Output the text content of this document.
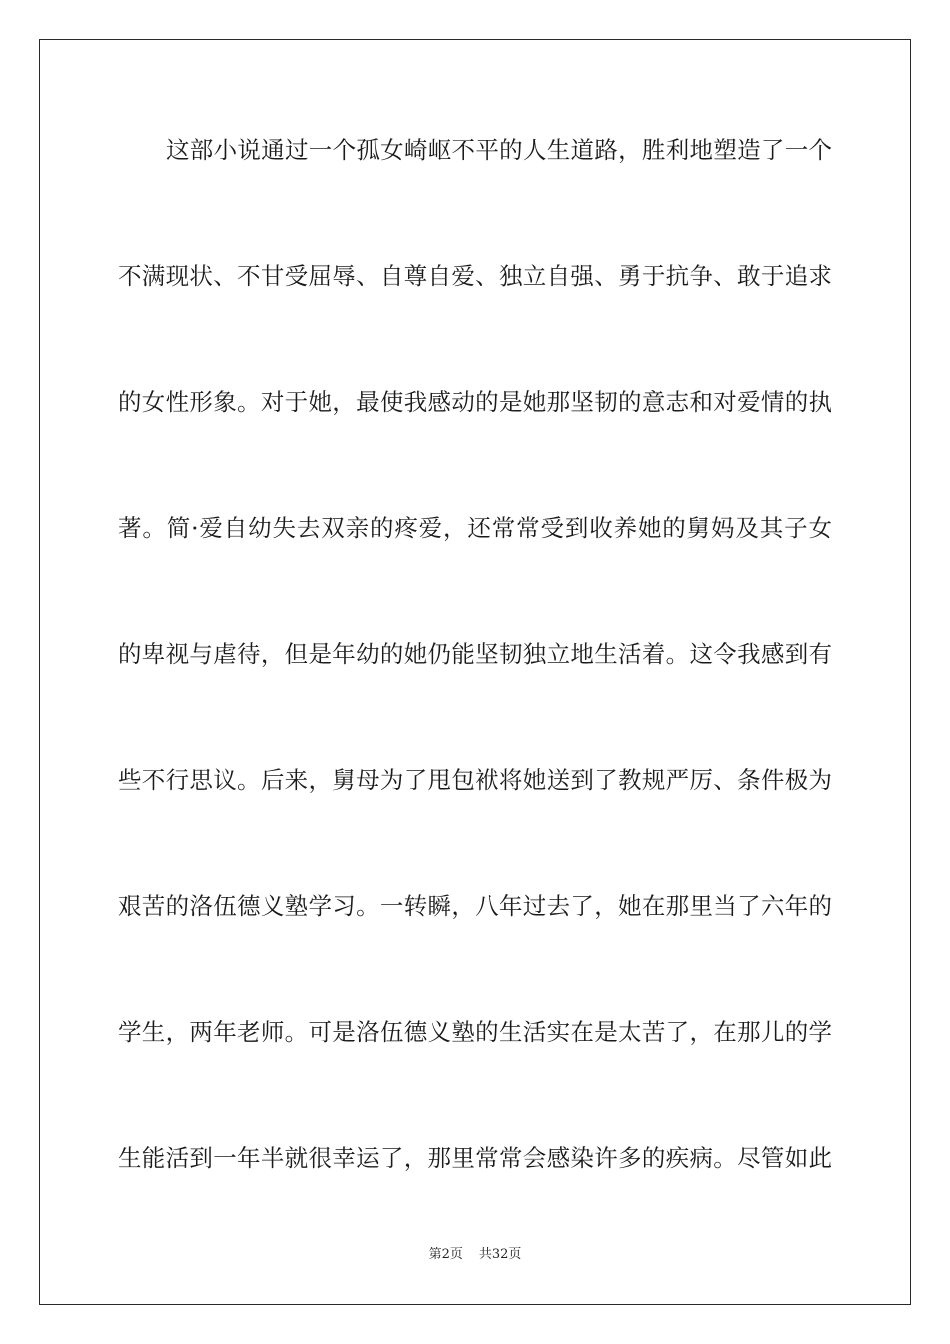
这部小说通过一个孤女崎岖不平的人生道路，胜利地塑造了一个
不满现状、不甘受屈辱、自尊自爱、独立自强、勇于抗争、敢于追求
的女性形象。对于她，最使我感动的是她那坚韧的意志和对爱情的执
著。简·爱自幼失去双亲的疼爱，还常常受到收养她的舅妈及其子女
的卑视与虐待，但是年幼的她仍能坚韧独立地生活着。这令我感到有
些不行思议。后来，舅母为了甩包袱将她送到了教规严厉、条件极为
艰苦的洛伍德义塾学习。一转瞬，八年过去了，她在那里当了六年的
学生，两年老师。可是洛伍德义塾的生活实在是太苦了，在那儿的学
生能活到一年半就很幸运了，那里常常会感染许多的疾病。尽管如此
第2页 共32页
